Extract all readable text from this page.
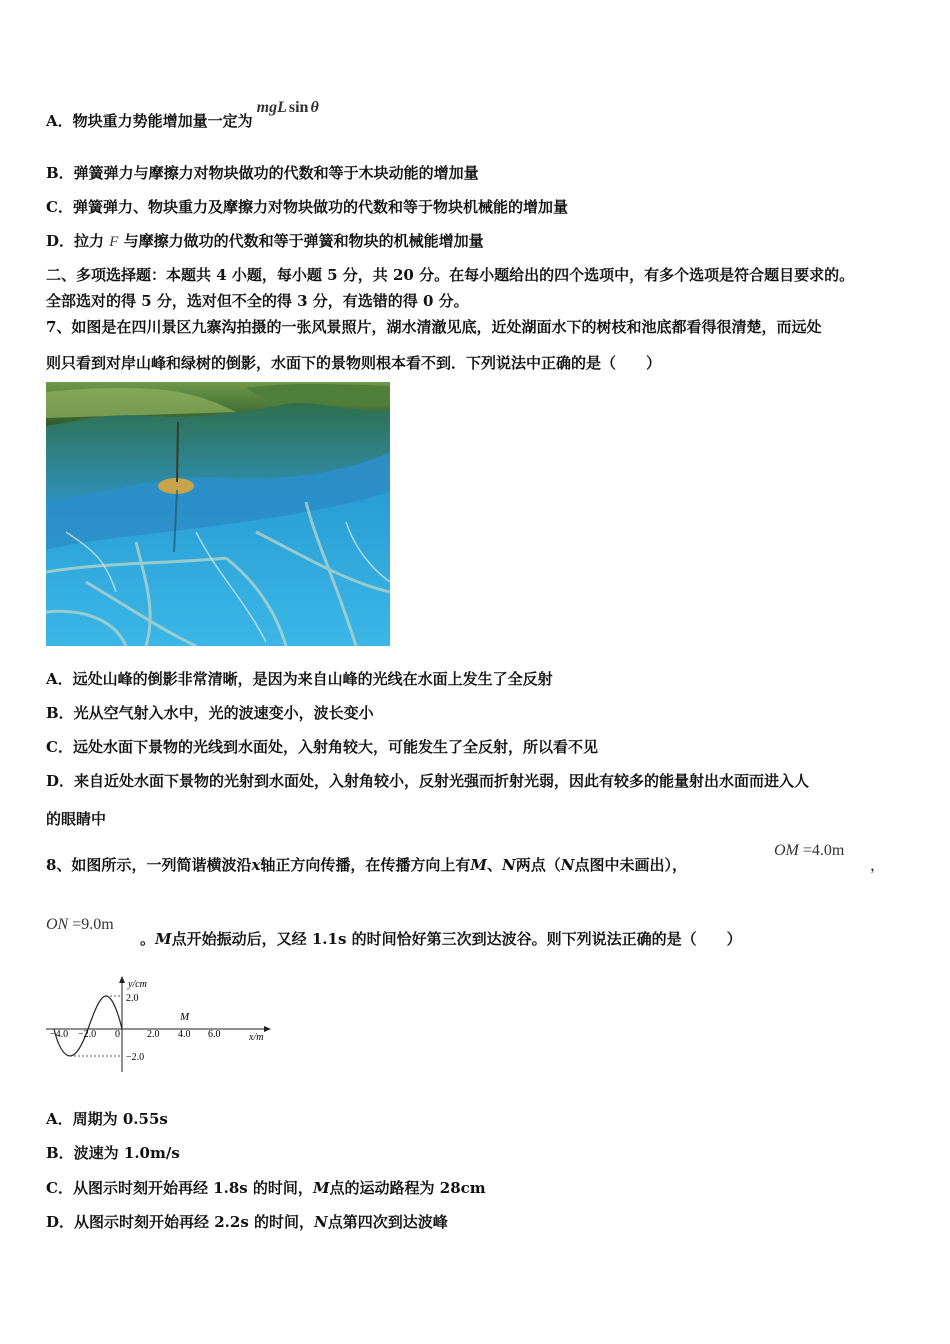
A．物块重力势能增加量一定为mgL sin θ
B．弹簧弹力与摩擦力对物块做功的代数和等于木块动能的增加量
C．弹簧弹力、物块重力及摩擦力对物块做功的代数和等于物块机械能的增加量
D．拉力 F 与摩擦力做功的代数和等于弹簧和物块的机械能增加量
二、多项选择题：本题共 4 小题，每小题 5 分，共 20 分。在每小题给出的四个选项中，有多个选项是符合题目要求的。
全部选对的得 5 分，选对但不全的得 3 分，有选错的得 0 分。
7、如图是在四川景区九寨沟拍摄的一张风景照片，湖水清澈见底，近处湖面水下的树枝和池底都看得很清楚，而远处
则只看到对岸山峰和绿树的倒影，水面下的景物则根本看不到．下列说法中正确的是（　　）
A．远处山峰的倒影非常清晰，是因为来自山峰的光线在水面上发生了全反射
B．光从空气射入水中，光的波速变小，波长变小
C．远处水面下景物的光线到水面处，入射角较大，可能发生了全反射，所以看不见
D．来自近处水面下景物的光射到水面处，入射角较小，反射光强而折射光弱，因此有较多的能量射出水面而进入人
的眼睛中
8、如图所示，一列简谐横波沿x轴正方向传播，在传播方向上有M、N两点（N点图中未画出），
OM =4.0m
，
ON =9.0m
。M点开始振动后，又经 1.1s 的时间恰好第三次到达波谷。则下列说法正确的是（　　）
y/cm
2.0
−2.0
−4.0 −2.0 0	2.0 4.0 6.0
M
x/m
A．周期为 0.55s
B．波速为 1.0m/s
C．从图示时刻开始再经 1.8s 的时间，M点的运动路程为 28cm
D．从图示时刻开始再经 2.2s 的时间，N点第四次到达波峰
